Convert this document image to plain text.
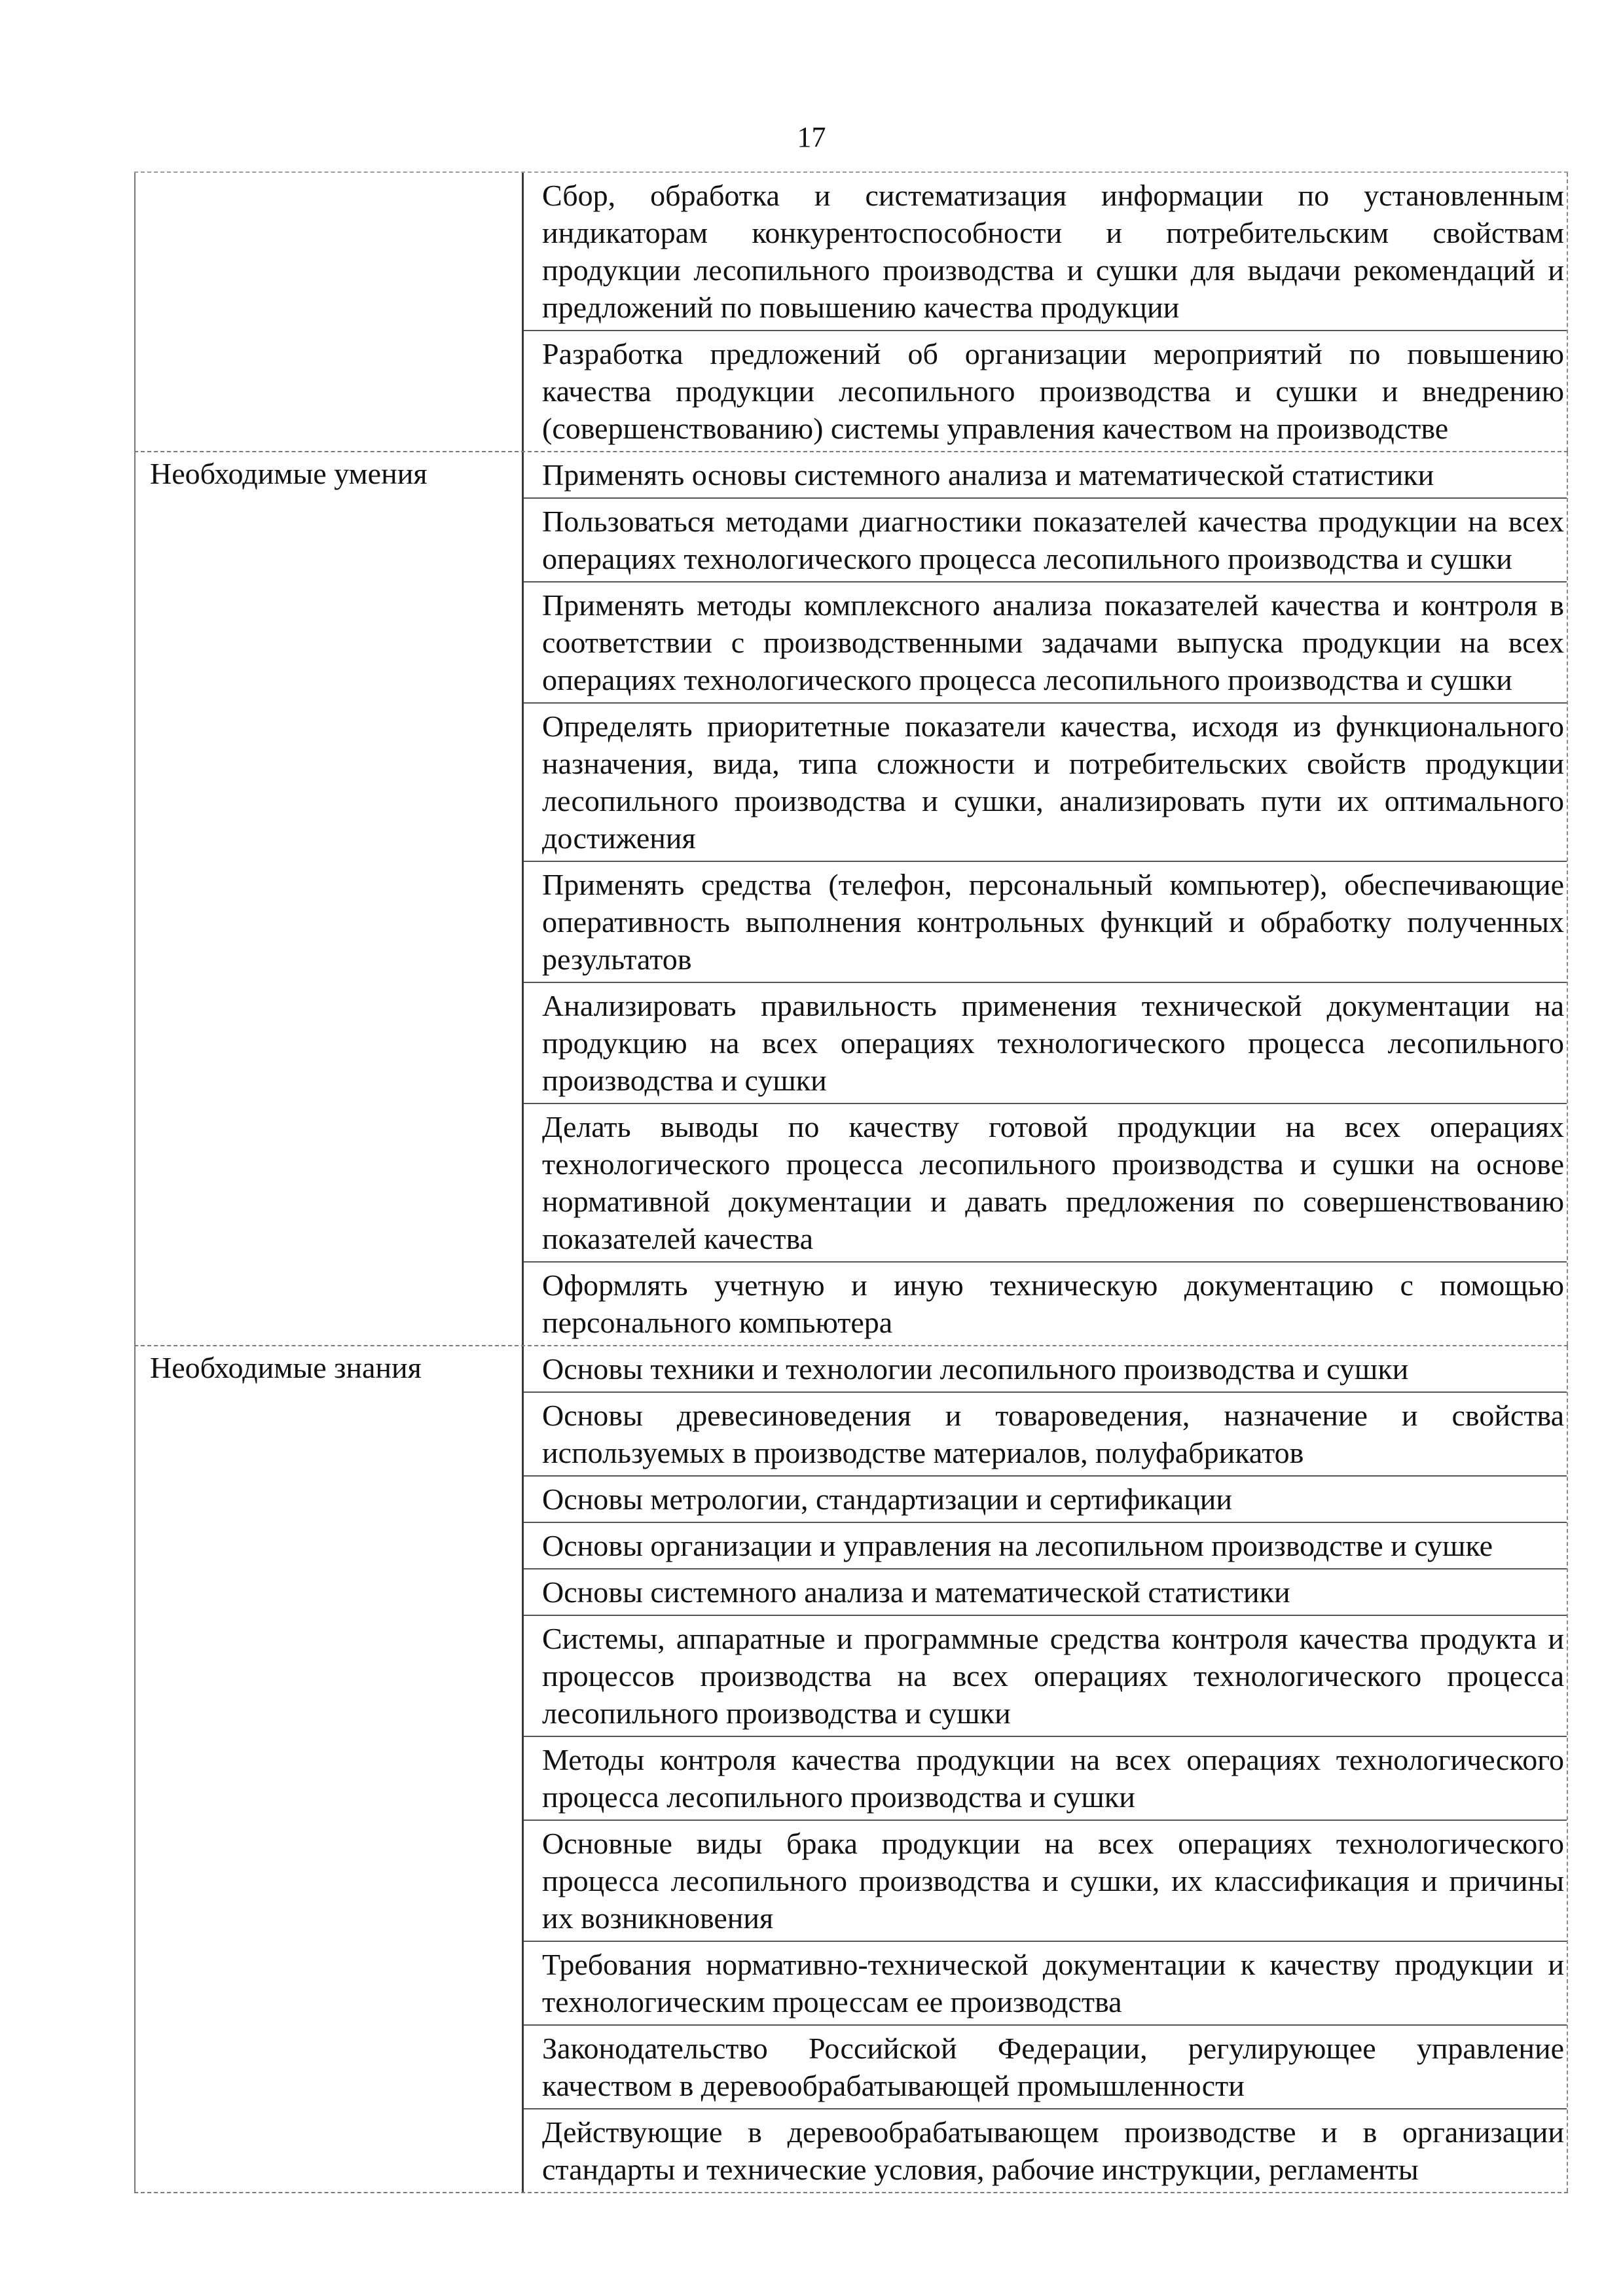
17
Сбор, обработка и систематизация информации по установленным индикаторам конкурентоспособности и потребительским свойствам продукции лесопильного производства и сушки для выдачи рекомендаций и предложений по повышению качества продукции
Разработка предложений об организации мероприятий по повышению качества продукции лесопильного производства и сушки и внедрению (совершенствованию) системы управления качеством на производстве
Необходимые умения	Применять основы системного анализа и математической статистики
Пользоваться методами диагностики показателей качества продукции на всех операциях технологического процесса лесопильного производства и сушки
Применять методы комплексного анализа показателей качества и контроля в соответствии с производственными задачами выпуска продукции на всех операциях технологического процесса лесопильного производства и сушки
Определять приоритетные показатели качества, исходя из функционального назначения, вида, типа сложности и потребительских свойств продукции лесопильного производства и сушки, анализировать пути их оптимального достижения
Применять средства (телефон, персональный компьютер), обеспечивающие оперативность выполнения контрольных функций и обработку полученных результатов
Анализировать правильность применения технической документации на продукцию на всех операциях технологического процесса лесопильного производства и сушки
Делать выводы по качеству готовой продукции на всех операциях технологического процесса лесопильного производства и сушки на основе нормативной документации и давать предложения по совершенствованию показателей качества
Оформлять учетную и иную техническую документацию с помощью персонального компьютера
Необходимые знания	Основы техники и технологии лесопильного производства и сушки
Основы древесиноведения и товароведения, назначение и свойства используемых в производстве материалов, полуфабрикатов
Основы метрологии, стандартизации и сертификации
Основы организации и управления на лесопильном производстве и сушке
Основы системного анализа и математической статистики
Системы, аппаратные и программные средства контроля качества продукта и процессов производства на всех операциях технологического процесса лесопильного производства и сушки
Методы контроля качества продукции на всех операциях технологического процесса лесопильного производства и сушки
Основные виды брака продукции на всех операциях технологического процесса лесопильного производства и сушки, их классификация и причины их возникновения
Требования нормативно-технической документации к качеству продукции и технологическим процессам ее производства
Законодательство Российской Федерации, регулирующее управление качеством в деревообрабатывающей промышленности
Действующие в деревообрабатывающем производстве и в организации стандарты и технические условия, рабочие инструкции, регламенты
